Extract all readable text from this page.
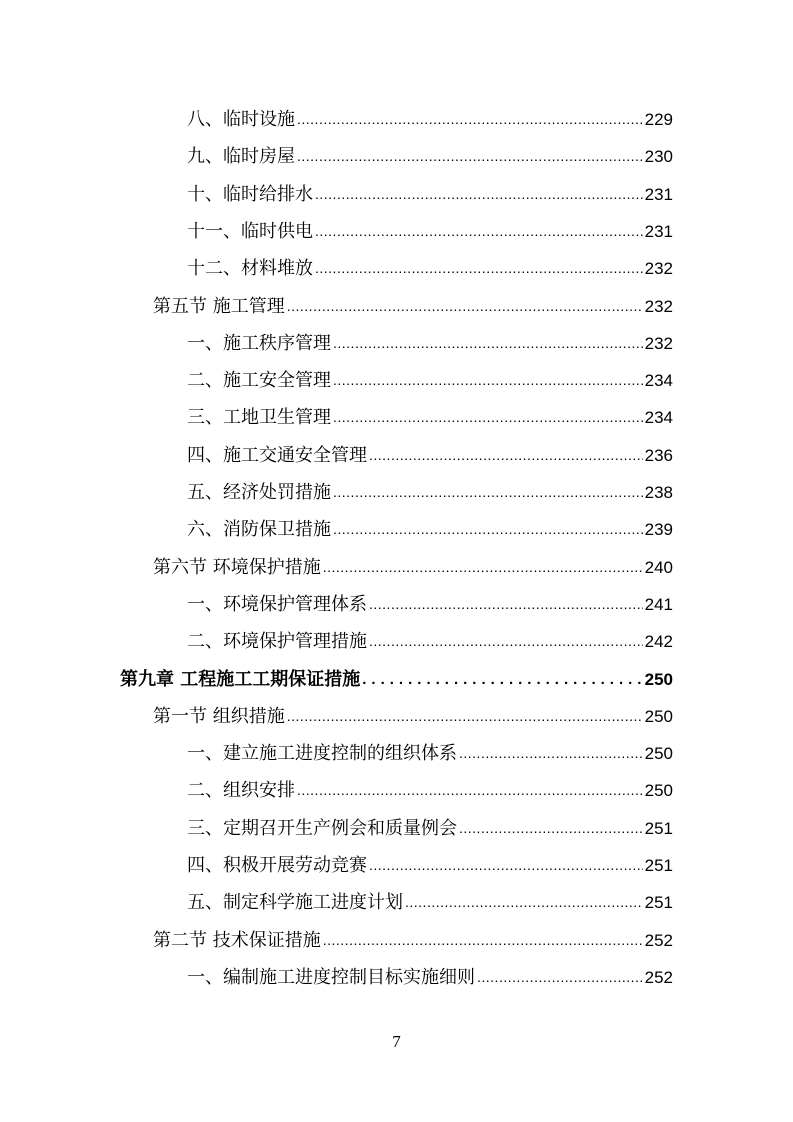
八、临时设施 .....	229
九、临时房屋 .....	230
十、临时给排水 .....	231
十一、临时供电 .....	231
十二、材料堆放 .....	232
第五节 施工管理 .....	232
一、施工秩序管理 .....	232
二、施工安全管理 .....	234
三、工地卫生管理 .....	234
四、施工交通安全管理 .....	236
五、经济处罚措施 .....	238
六、消防保卫措施 .....	239
第六节 环境保护措施 .....	240
一、环境保护管理体系 .....	241
二、环境保护管理措施 .....	242
第九章 工程施工工期保证措施 .....	250
第一节 组织措施 .....	250
一、建立施工进度控制的组织体系 .....	250
二、组织安排 .....	250
三、定期召开生产例会和质量例会 .....	251
四、积极开展劳动竞赛 .....	251
五、制定科学施工进度计划 .....	251
第二节 技术保证措施 .....	252
一、编制施工进度控制目标实施细则 .....	252
7
